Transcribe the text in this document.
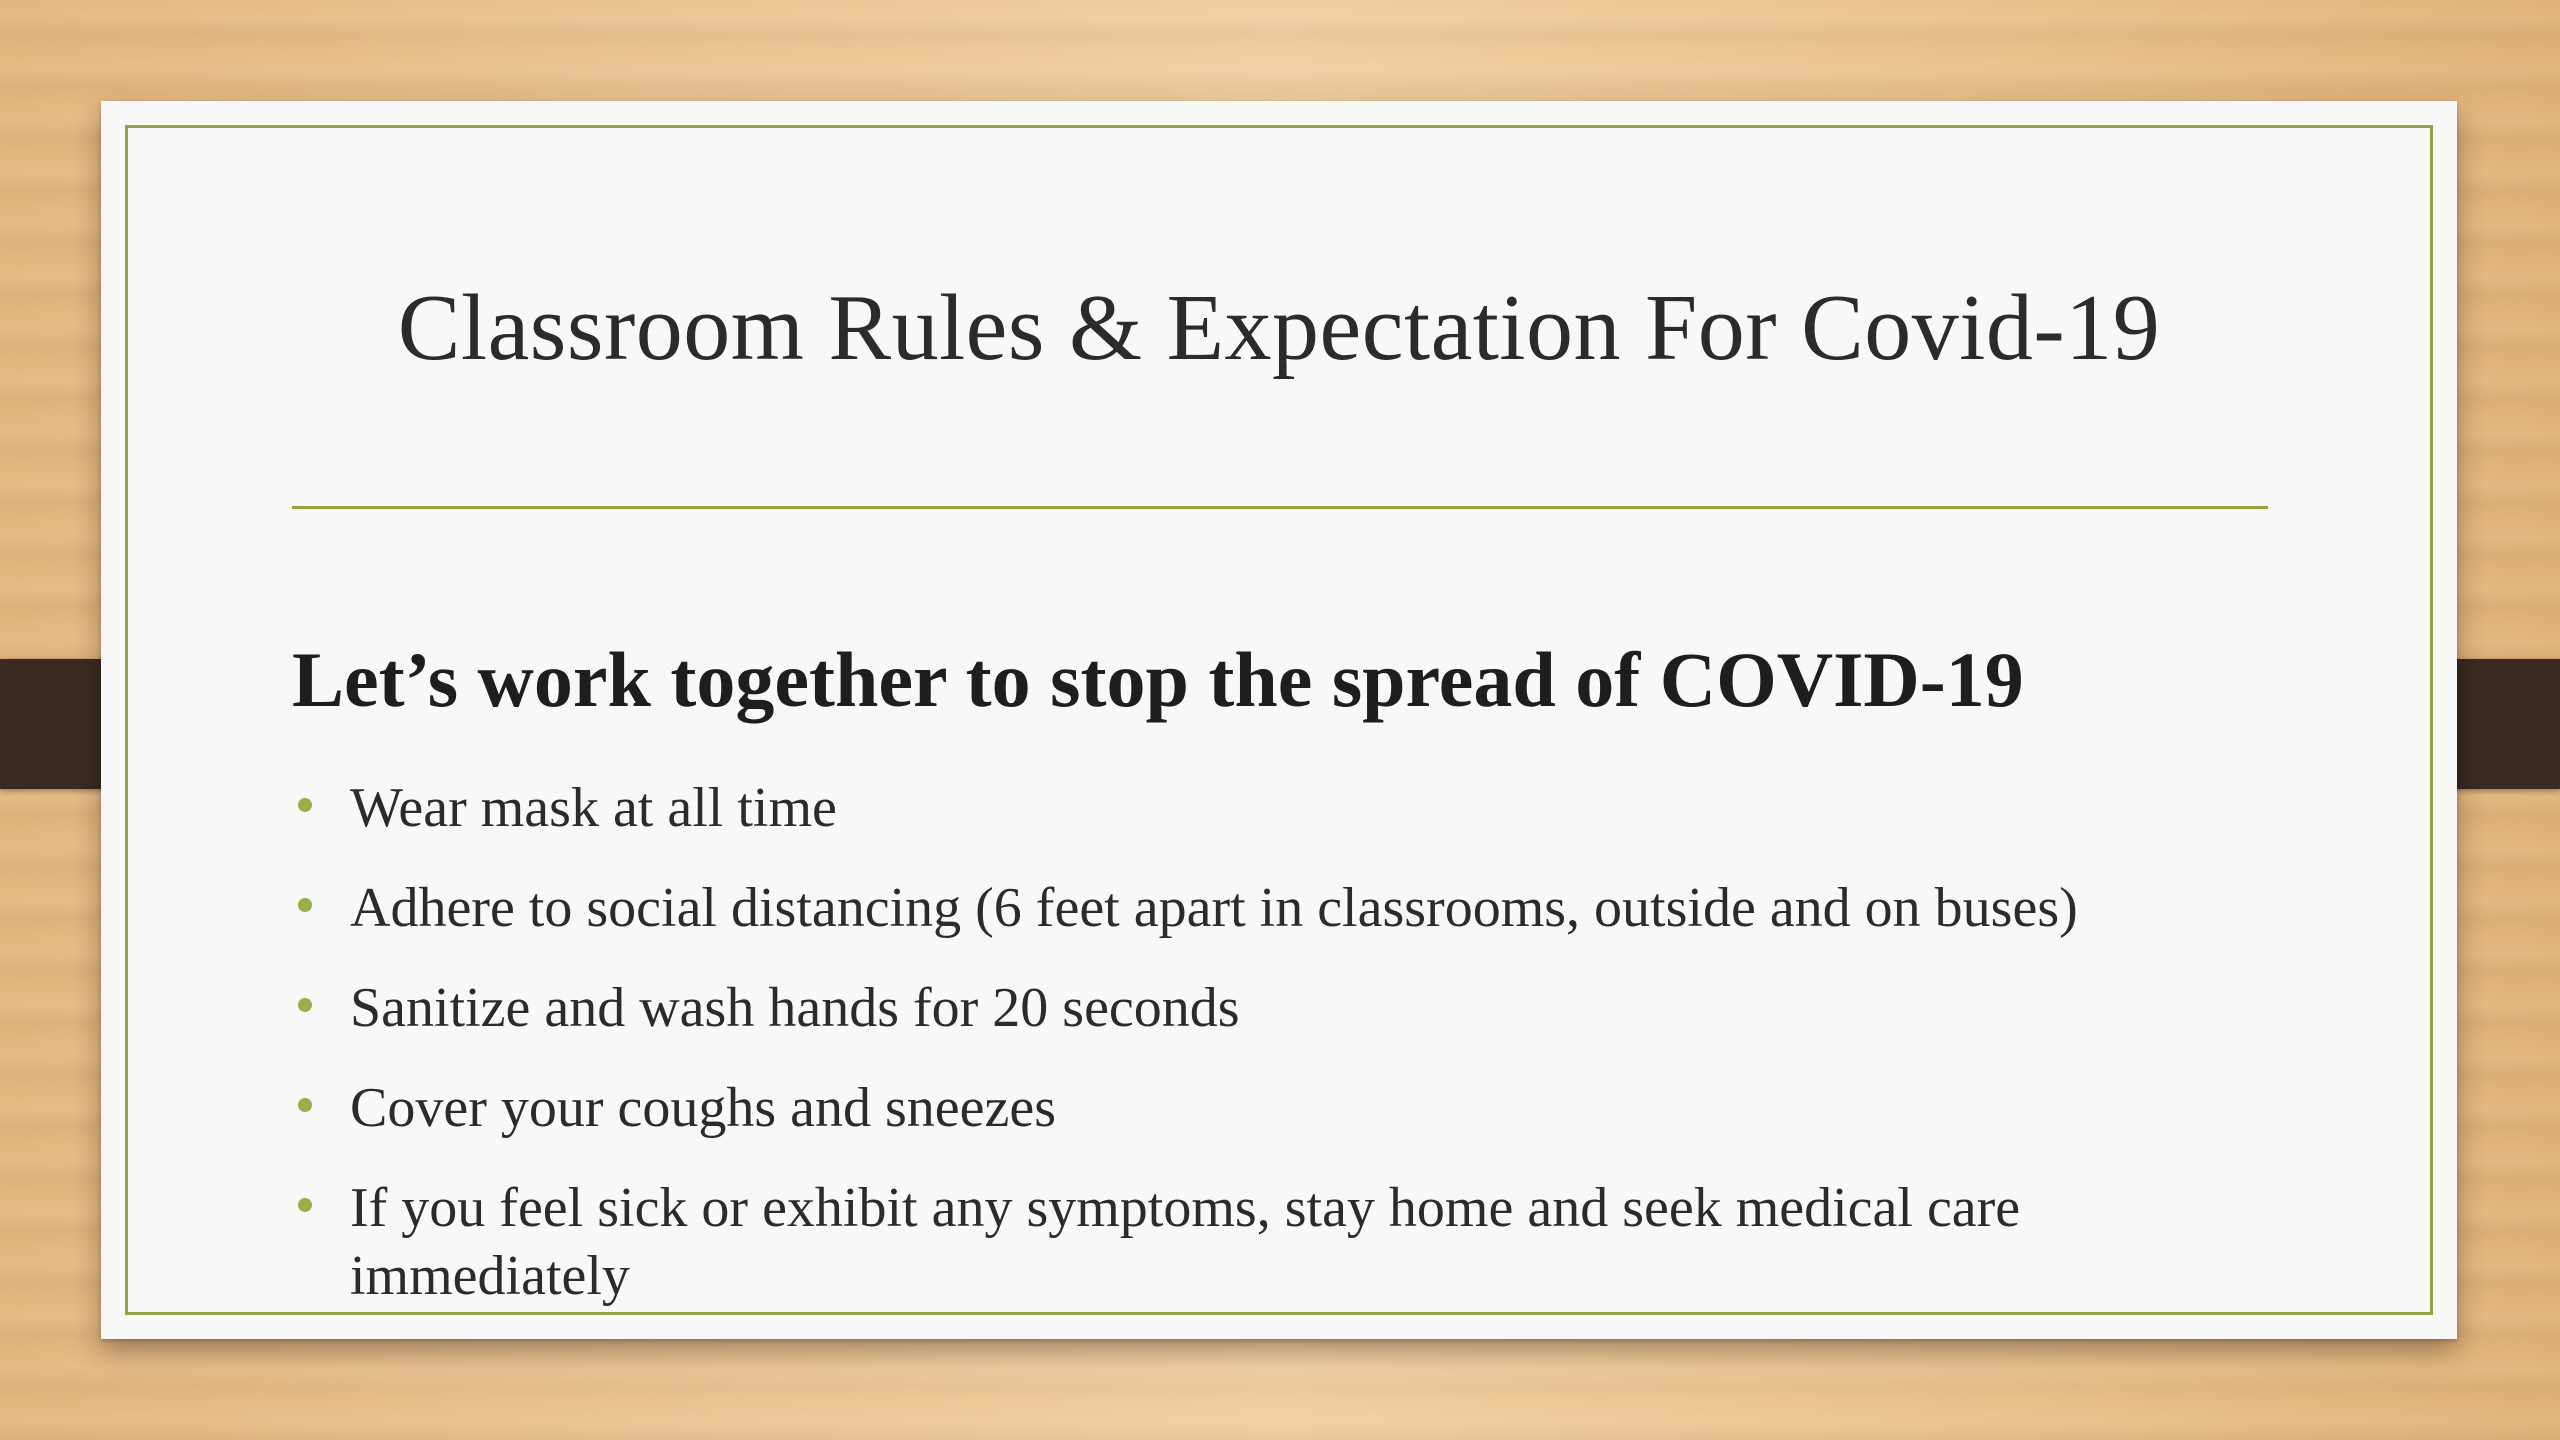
Classroom Rules & Expectation For Covid-19
Let’s work together to stop the spread of COVID-19
Wear mask at all time
Adhere to social distancing (6 feet apart in classrooms, outside and on buses)
Sanitize and wash hands for 20 seconds
Cover your coughs and sneezes
If you feel sick or exhibit any symptoms, stay home and seek medical care immediately
